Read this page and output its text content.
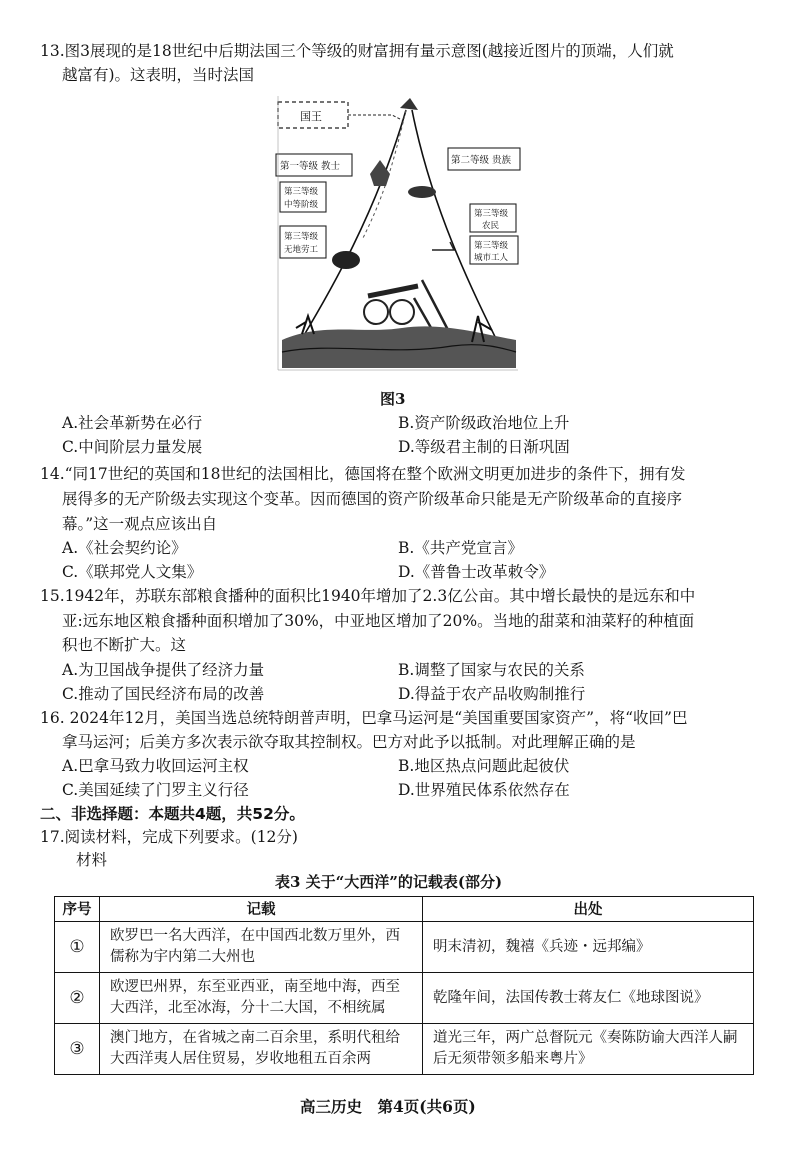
13.图3展现的是18世纪中后期法国三个等级的财富拥有量示意图(越接近图片的顶端，人们就
越富有)。这表明，当时法国
国王
第一等级 教士
第二等级 贵族
第三等级
中等阶级
第三等级
无地劳工
第三等级
农民
第三等级
城市工人
图3
A.社会革新势在必行	B.资产阶级政治地位上升
C.中间阶层力量发展	D.等级君主制的日渐巩固
14.“同17世纪的英国和18世纪的法国相比，德国将在整个欧洲文明更加进步的条件下，拥有发
展得多的无产阶级去实现这个变革。因而德国的资产阶级革命只能是无产阶级革命的直接序
幕。”这一观点应该出自
A.《社会契约论》	B.《共产党宣言》
C.《联邦党人文集》	D.《普鲁士改革敕令》
15.1942年，苏联东部粮食播种的面积比1940年增加了2.3亿公亩。其中增长最快的是远东和中
亚:远东地区粮食播种面积增加了30%，中亚地区增加了20%。当地的甜菜和油菜籽的种植面
积也不断扩大。这
A.为卫国战争提供了经济力量	B.调整了国家与农民的关系
C.推动了国民经济布局的改善	D.得益于农产品收购制推行
16. 2024年12月，美国当选总统特朗普声明，巴拿马运河是“美国重要国家资产”，将“收回”巴
拿马运河；后美方多次表示欲夺取其控制权。巴方对此予以抵制。对此理解正确的是
A.巴拿马致力收回运河主权	B.地区热点问题此起彼伏
C.美国延续了门罗主义行径	D.世界殖民体系依然存在
二、非选择题：本题共4题，共52分。
17.阅读材料，完成下列要求。(12分)
材料
表3 关于“大西洋”的记载表(部分)
序号	记载	出处
①	欧罗巴一名大西洋，在中国西北数万里外，西儒称为宇内第二大州也	明末清初，魏禧《兵迹・远邦编》
②	欧逻巴州界，东至亚西亚，南至地中海，西至大西洋，北至冰海，分十二大国，不相统属	乾隆年间，法国传教士蒋友仁《地球图说》
③	澳门地方，在省城之南二百余里，系明代租给大西洋夷人居住贸易，岁收地租五百余两	道光三年，两广总督阮元《奏陈防谕大西洋人嗣后无须带领多船来粤片》
高三历史　第4页(共6页)
